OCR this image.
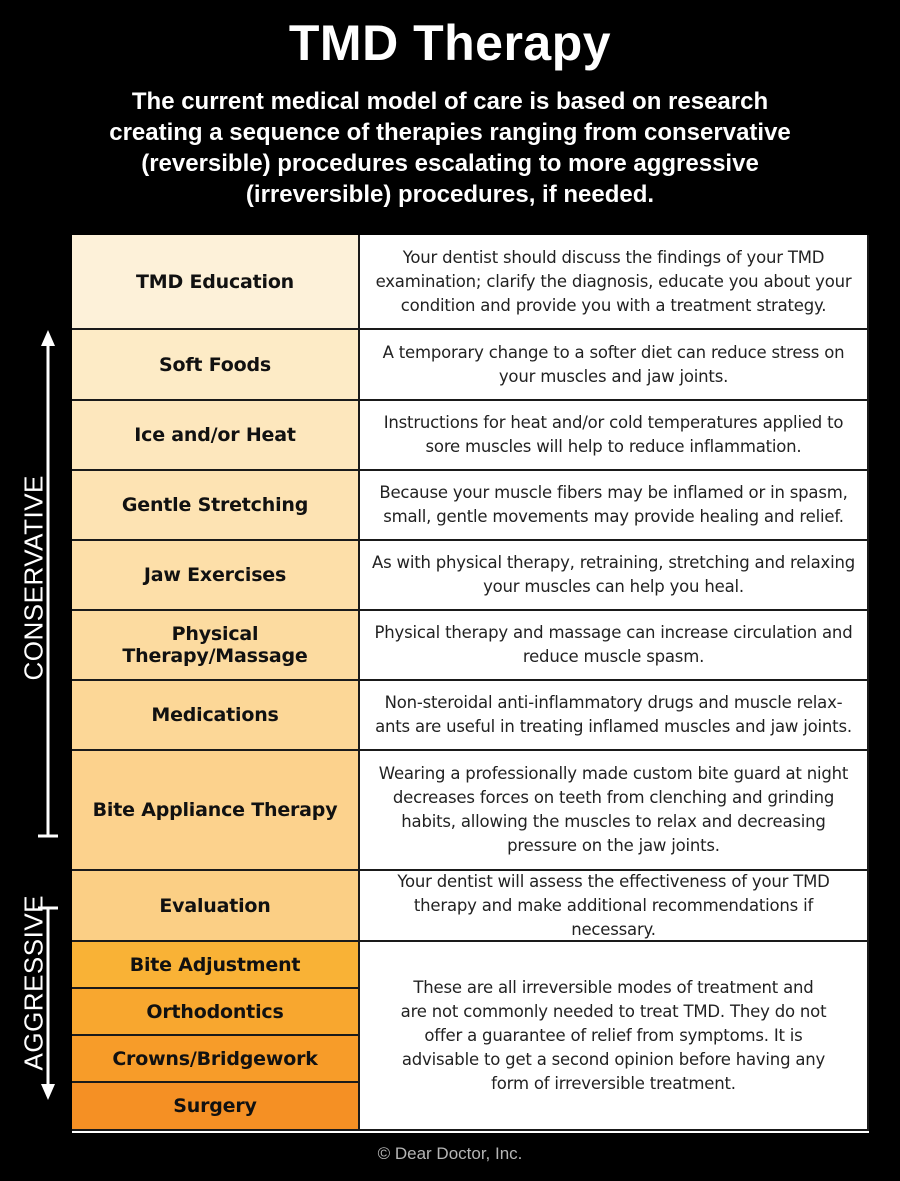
TMD Therapy
The current medical model of care is based on research creating a sequence of therapies ranging from conservative (reversible) procedures escalating to more aggressive (irreversible) procedures, if needed.
CONSERVATIVE
AGGRESSIVE
TMD Education
Your dentist should discuss the findings of your TMD examination; clarify the diagnosis, educate you about your condition and provide you with a treatment strategy.
Soft Foods
A temporary change to a softer diet can reduce stress on your muscles and jaw joints.
Ice and/or Heat
Instructions for heat and/or cold temperatures applied to sore muscles will help to reduce inflammation.
Gentle Stretching
Because your muscle fibers may be inflamed or in spasm, small, gentle movements may provide healing and relief.
Jaw Exercises
As with physical therapy, retraining, stretching and relaxing your muscles can help you heal.
Physical Therapy/Massage
Physical therapy and massage can increase circulation and reduce muscle spasm.
Medications
Non-steroidal anti-inflammatory drugs and muscle relax-ants are useful in treating inflamed muscles and jaw joints.
Bite Appliance Therapy
Wearing a professionally made custom bite guard at night decreases forces on teeth from clenching and grinding habits, allowing the muscles to relax and decreasing pressure on the jaw joints.
Evaluation
Your dentist will assess the effectiveness of your TMD therapy and make additional recommendations if necessary.
Bite Adjustment
These are all irreversible modes of treatment and are not commonly needed to treat TMD. They do not offer a guarantee of relief from symptoms. It is advisable to get a second opinion before having any form of irreversible treatment.
Orthodontics
Crowns/Bridgework
Surgery
© Dear Doctor, Inc.
